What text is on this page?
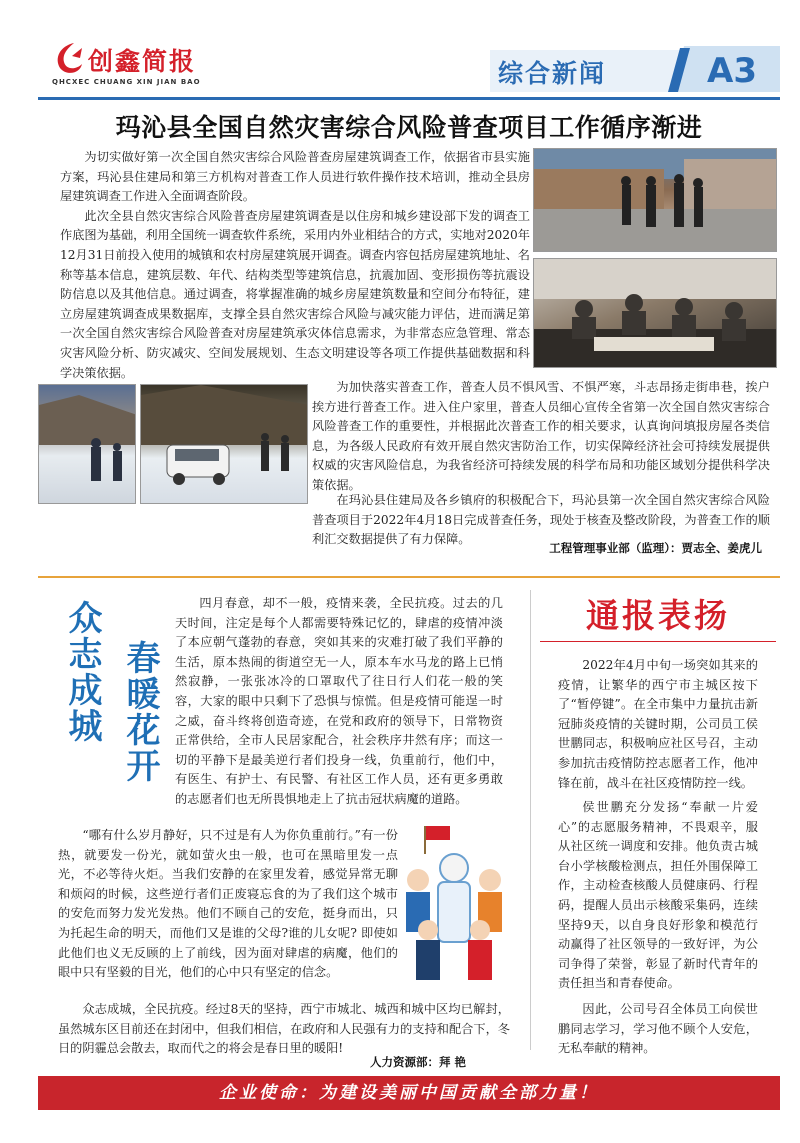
创鑫简报
QHCXEC CHUANG XIN JIAN BAO	综合新闻	A3
玛沁县全国自然灾害综合风险普查项目工作循序渐进

为切实做好第一次全国自然灾害综合风险普查房屋建筑调查工作，依据省市县实施方案，玛沁县住建局和第三方机构对普查工作人员进行软件操作技术培训，推动全县房屋建筑调查工作进入全面调查阶段。

此次全县自然灾害综合风险普查房屋建筑调查是以住房和城乡建设部下发的调查工作底图为基础，利用全国统一调查软件系统，采用内外业相结合的方式，实地对2020年12月31日前投入使用的城镇和农村房屋建筑展开调查。调查内容包括房屋建筑地址、名称等基本信息，建筑层数、年代、结构类型等建筑信息，抗震加固、变形损伤等抗震设防信息以及其他信息。通过调查，将掌握准确的城乡房屋建筑数量和空间分布特征，建立房屋建筑调查成果数据库，支撑全县自然灾害综合风险与减灾能力评估，进而满足第一次全国自然灾害综合风险普查对房屋建筑承灾体信息需求，为非常态应急管理、常态灾害风险分析、防灾减灾、空间发展规划、生态文明建设等各项工作提供基础数据和科学决策依据。

为加快落实普查工作，普查人员不惧风雪、不惧严寒，斗志昂扬走街串巷，挨户挨方进行普查工作。进入住户家里，普查人员细心宣传全省第一次全国自然灾害综合风险普查工作的重要性，并根据此次普查工作的相关要求，认真询问填报房屋各类信息，为各级人民政府有效开展自然灾害防治工作，切实保障经济社会可持续发展提供权威的灾害风险信息，为我省经济可持续发展的科学布局和功能区域划分提供科学决策依据。

在玛沁县住建局及各乡镇府的积极配合下，玛沁县第一次全国自然灾害综合风险普查项目于2022年4月18日完成普查任务，现处于核查及整改阶段，为普查工作的顺利汇交数据提供了有力保障。

工程管理事业部（监理）：贾志全、姜虎儿
众志成城 春暖花开

四月春意，却不一般，疫情来袭，全民抗疫。过去的几天时间，注定是每个人都需要特殊记忆的，肆虐的疫情冲淡了本应朝气蓬勃的春意，突如其来的灾难打破了我们平静的生活，原本热闹的街道空无一人，原本车水马龙的路上已悄然寂静，一张张冰冷的口罩取代了往日行人们花一般的笑容，大家的眼中只剩下了恐惧与惊慌。但是疫情可能逞一时之威，奋斗终将创造奇迹，在党和政府的领导下，日常物资正常供给，全市人民居家配合，社会秩序井然有序；而这一切的平静下是最美逆行者们投身一线，负重前行，他们中，有医生、有护士、有民警、有社区工作人员，还有更多勇敢的志愿者们也无所畏惧地走上了抗击冠状病魔的道路。

“哪有什么岁月静好，只不过是有人为你负重前行。”有一份热，就要发一份光，就如萤火虫一般，也可在黑暗里发一点光，不必等待火炬。当我们安静的在家里发着，感觉异常无聊和烦闷的时候，这些逆行者们正废寝忘食的为了我们这个城市的安危而努力发光发热。他们不顾自己的安危，挺身而出，只为托起生命的明天，而他们又是谁的父母?谁的儿女呢? 即使如此他们也义无反顾的上了前线，因为面对肆虐的病魔，他们的眼中只有坚毅的目光，他们的心中只有坚定的信念。

众志成城，全民抗疫。经过8天的坚持，西宁市城北、城西和城中区均已解封，虽然城东区目前还在封闭中，但我们相信，在政府和人民强有力的支持和配合下，冬日的阴霾总会散去，取而代之的将会是春日里的暖阳!

人力资源部：拜 艳
通报表扬

2022年4月中旬一场突如其来的疫情，让繁华的西宁市主城区按下了“暂停键”。在全市集中力量抗击新冠肺炎疫情的关键时期，公司员工侯世鹏同志，积极响应社区号召，主动参加抗击疫情防控志愿者工作，他冲锋在前，战斗在社区疫情防控一线。

侯世鹏充分发扬“奉献一片爱心”的志愿服务精神，不畏艰辛，服从社区统一调度和安排。他负责古城台小学核酸检测点，担任外围保障工作，主动检查核酸人员健康码、行程码，提醒人员出示核酸采集码，连续坚持9天，以自身良好形象和模范行动赢得了社区领导的一致好评，为公司争得了荣誉，彰显了新时代青年的责任担当和青春使命。

因此，公司号召全体员工向侯世鹏同志学习，学习他不顾个人安危，无私奉献的精神。

企业使命：为建设美丽中国贡献全部力量！
